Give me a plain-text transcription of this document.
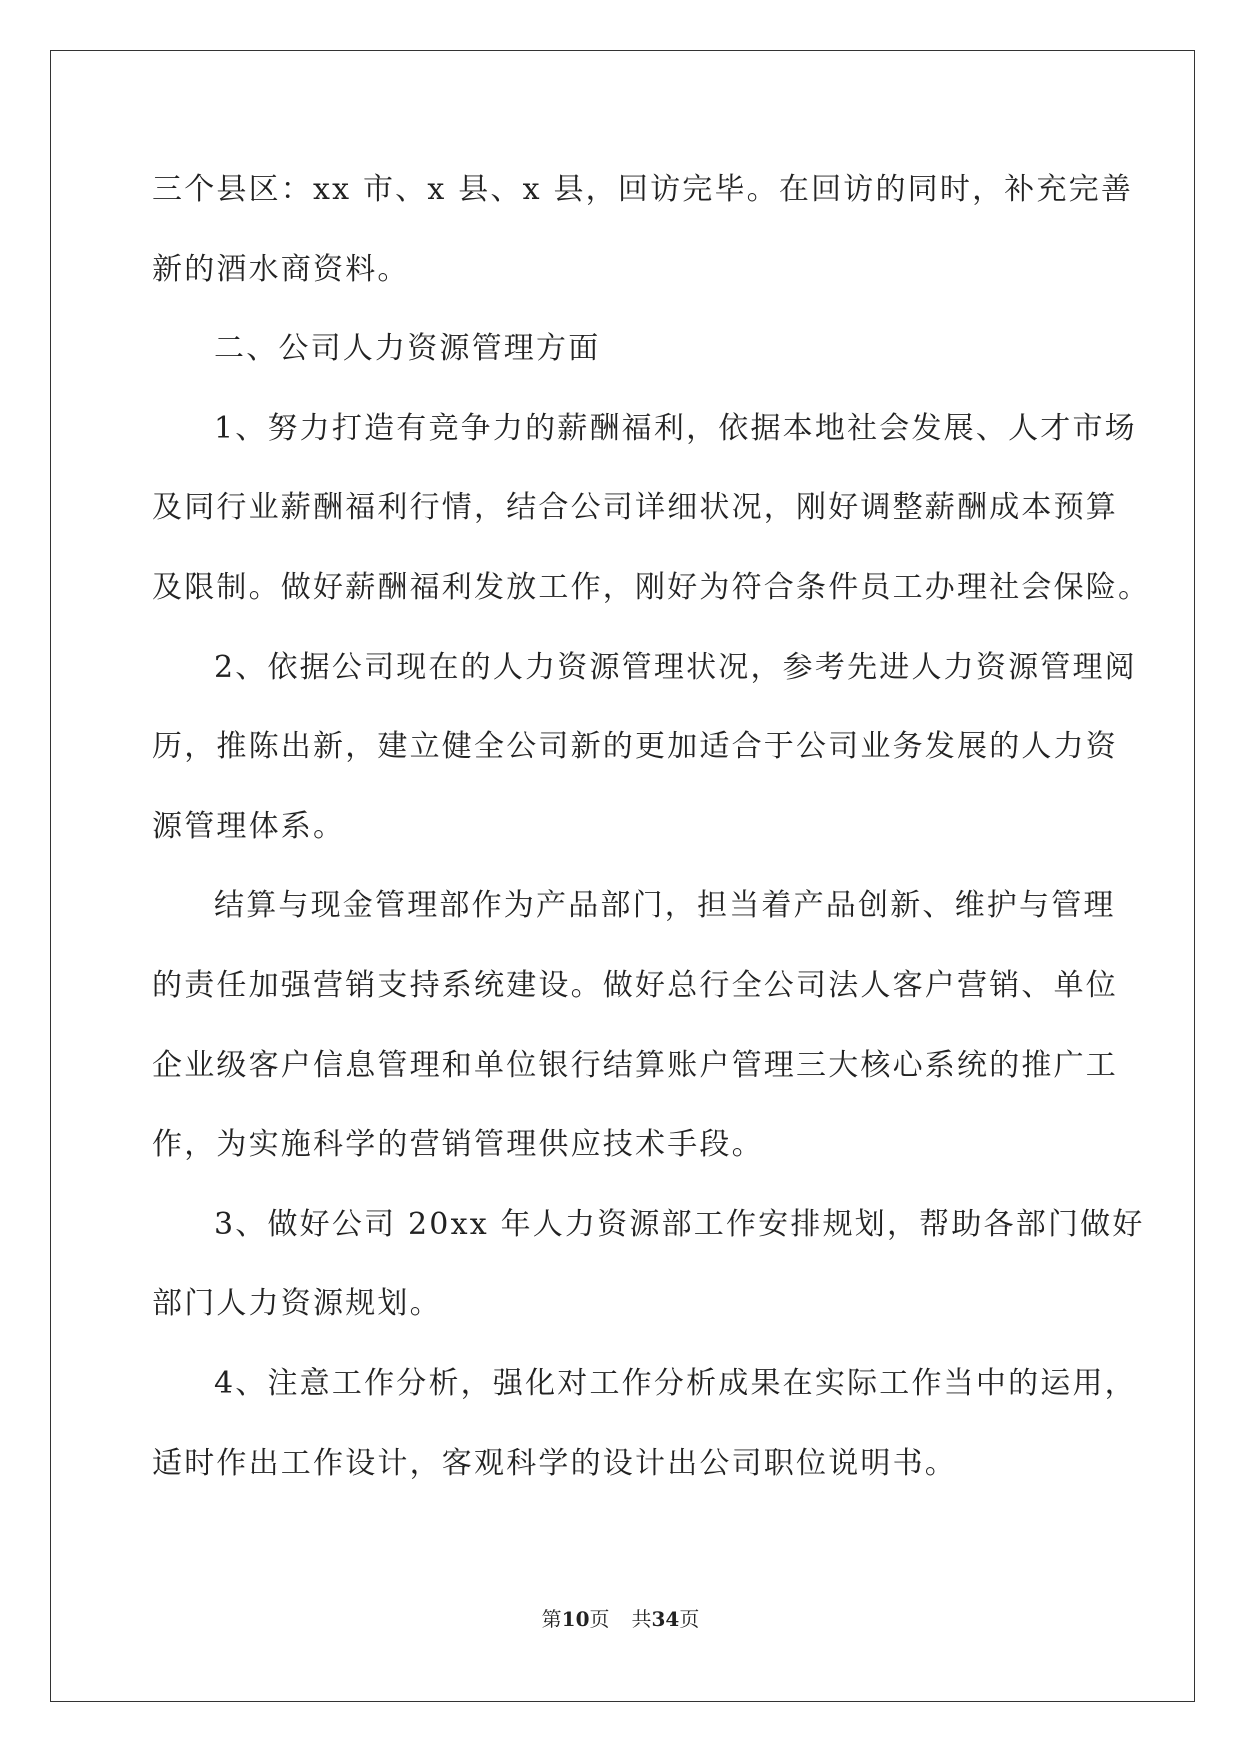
三个县区：xx 市、x 县、x 县，回访完毕。在回访的同时，补充完善
新的酒水商资料。
二、公司人力资源管理方面
1、努力打造有竞争力的薪酬福利，依据本地社会发展、人才市场
及同行业薪酬福利行情，结合公司详细状况，刚好调整薪酬成本预算
及限制。做好薪酬福利发放工作，刚好为符合条件员工办理社会保险。
2、依据公司现在的人力资源管理状况，参考先进人力资源管理阅
历，推陈出新，建立健全公司新的更加适合于公司业务发展的人力资
源管理体系。
结算与现金管理部作为产品部门，担当着产品创新、维护与管理
的责任加强营销支持系统建设。做好总行全公司法人客户营销、单位
企业级客户信息管理和单位银行结算账户管理三大核心系统的推广工
作，为实施科学的营销管理供应技术手段。
3、做好公司 20xx 年人力资源部工作安排规划，帮助各部门做好
部门人力资源规划。
4、注意工作分析，强化对工作分析成果在实际工作当中的运用，
适时作出工作设计，客观科学的设计出公司职位说明书。
第10页 共34页
